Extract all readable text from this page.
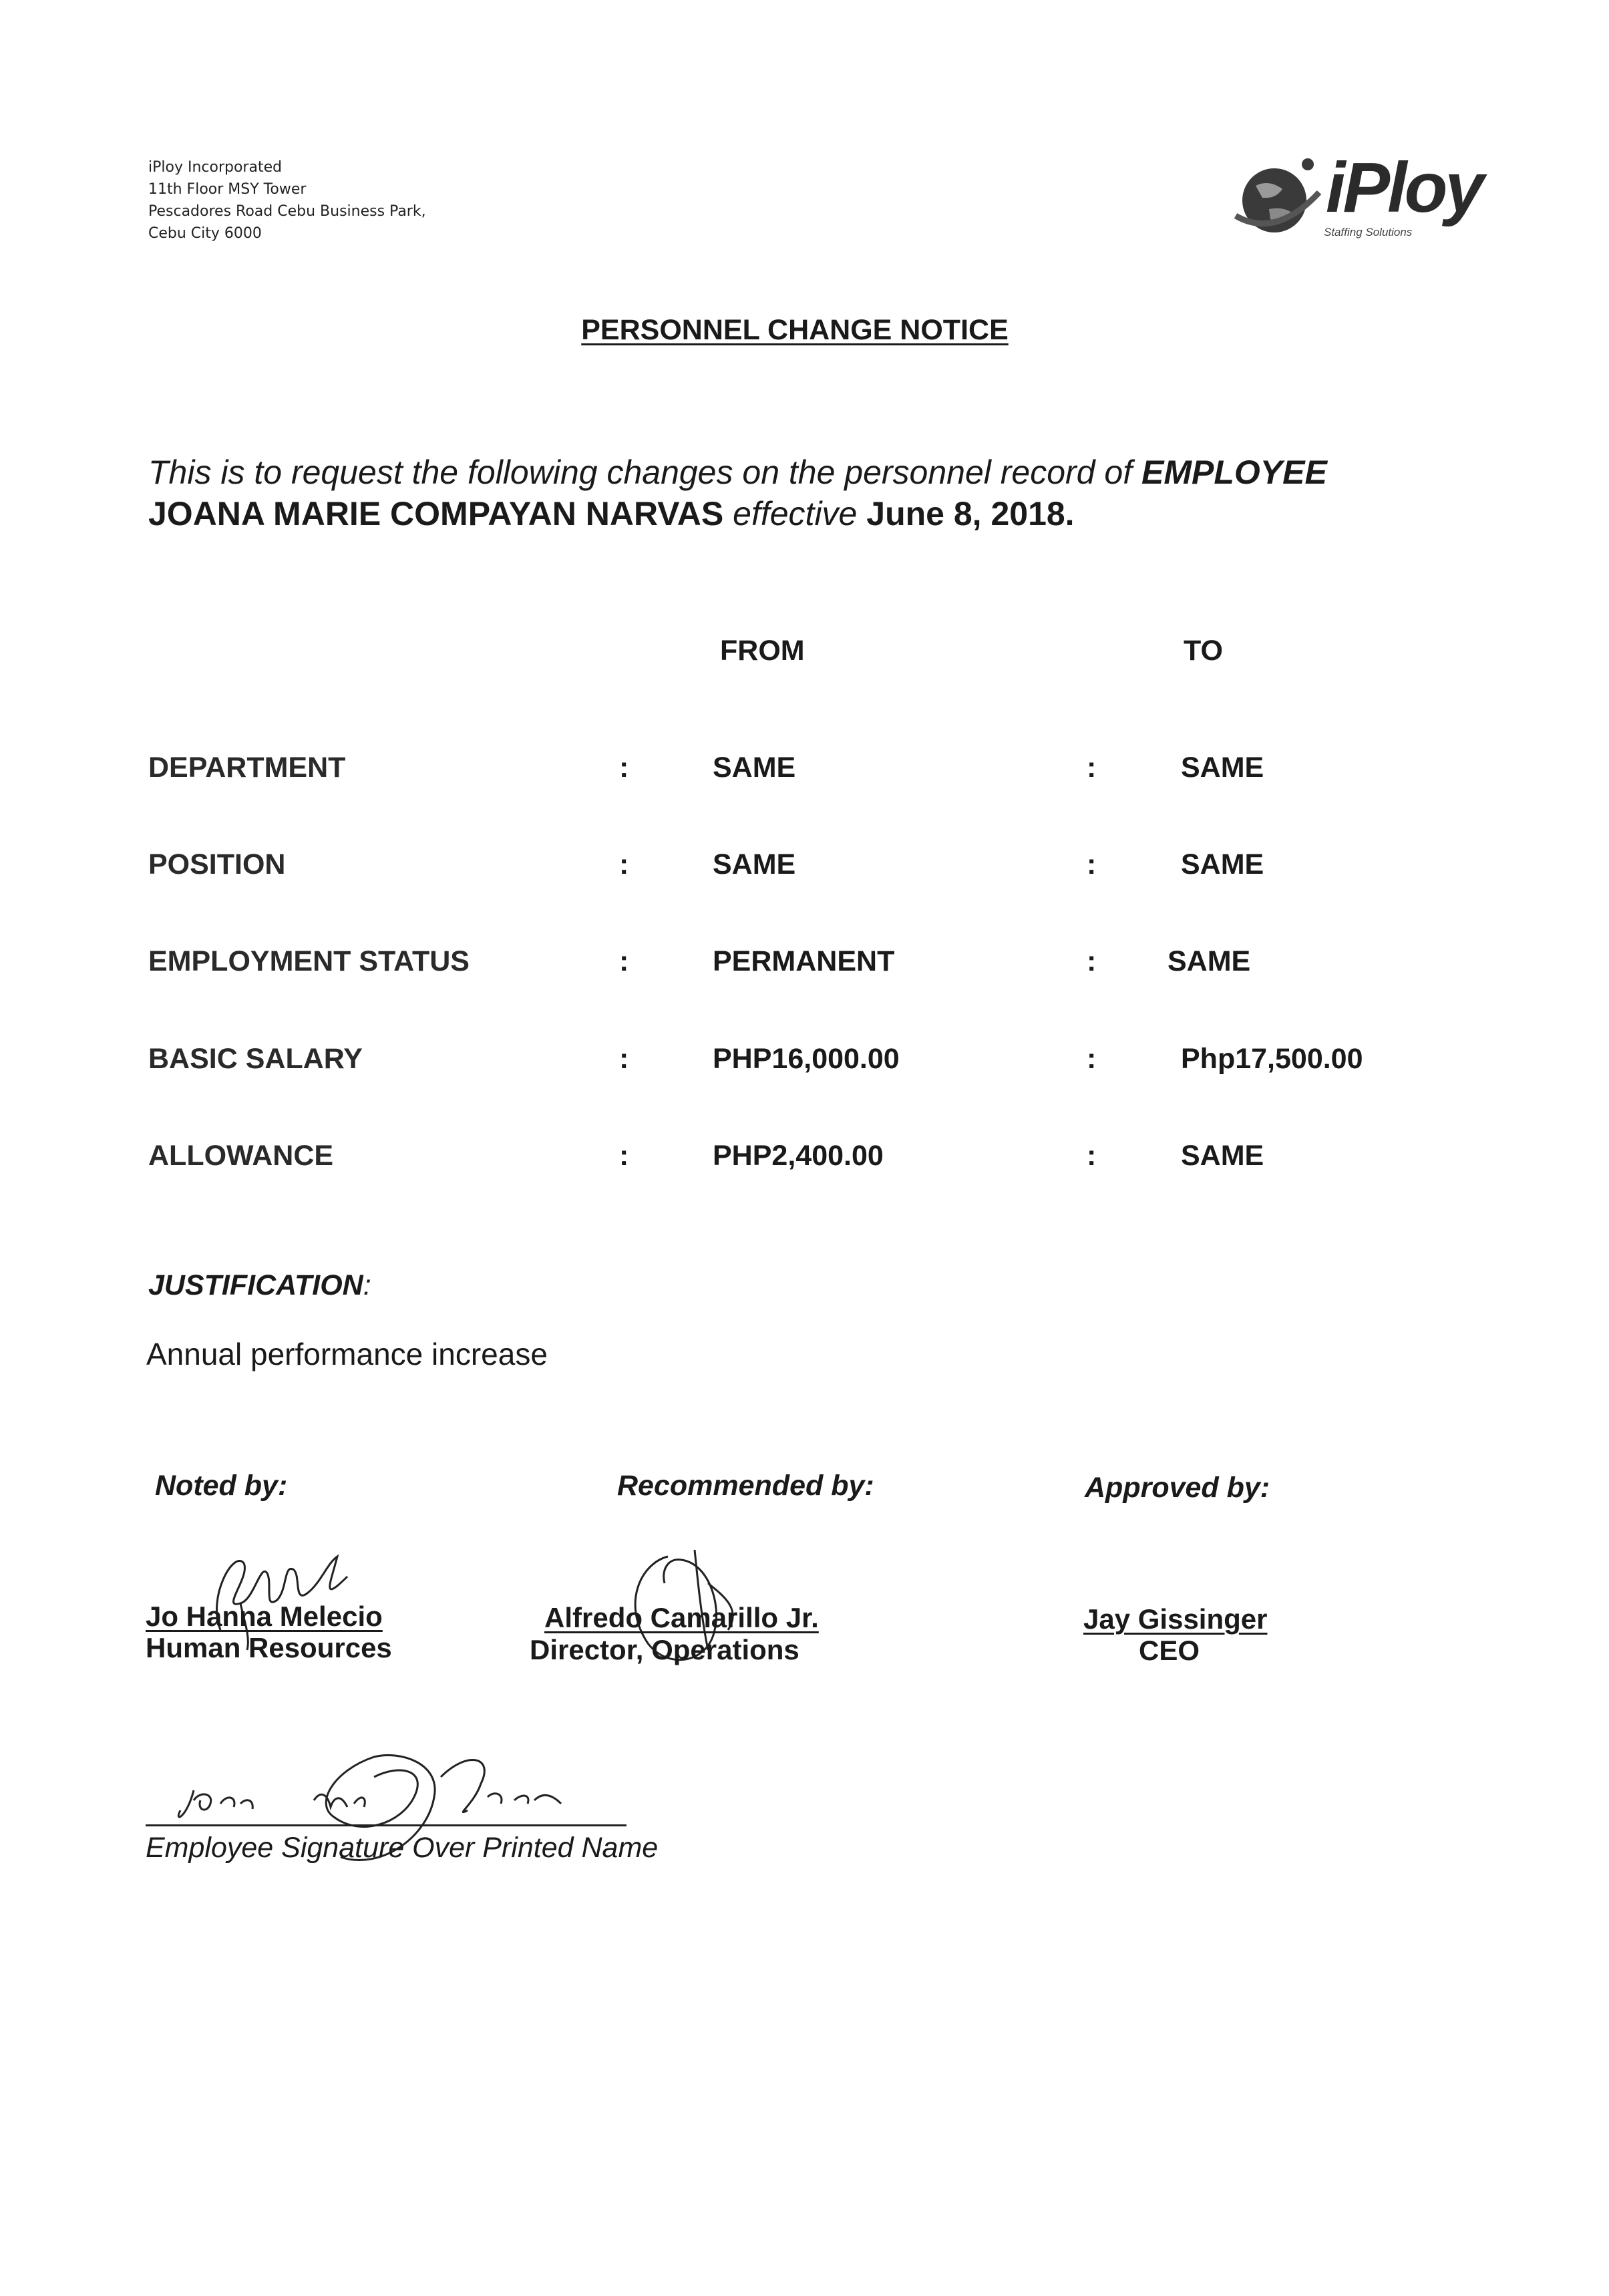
iPloy Incorporated
11th Floor MSY Tower
Pescadores Road Cebu Business Park,
Cebu City 6000
iPloy
Staffing Solutions
PERSONNEL CHANGE NOTICE
This is to request the following changes on the personnel record of EMPLOYEE
JOANA MARIE COMPAYAN NARVAS effective June 8, 2018.
FROM	TO
DEPARTMENT	:	SAME	:	SAME
POSITION	:	SAME	:	SAME
EMPLOYMENT STATUS	:	PERMANENT	: SAME
BASIC SALARY	:	PHP16,000.00	:	Php17,500.00
ALLOWANCE	:	PHP2,400.00	:	SAME
JUSTIFICATION:
Annual performance increase
Noted by:	Recommended by:	Approved by:
Jo Hanna Melecio
Human Resources
Alfredo Camarillo Jr.
Director, Operations
Jay Gissinger
CEO
Employee Signature Over Printed Name
